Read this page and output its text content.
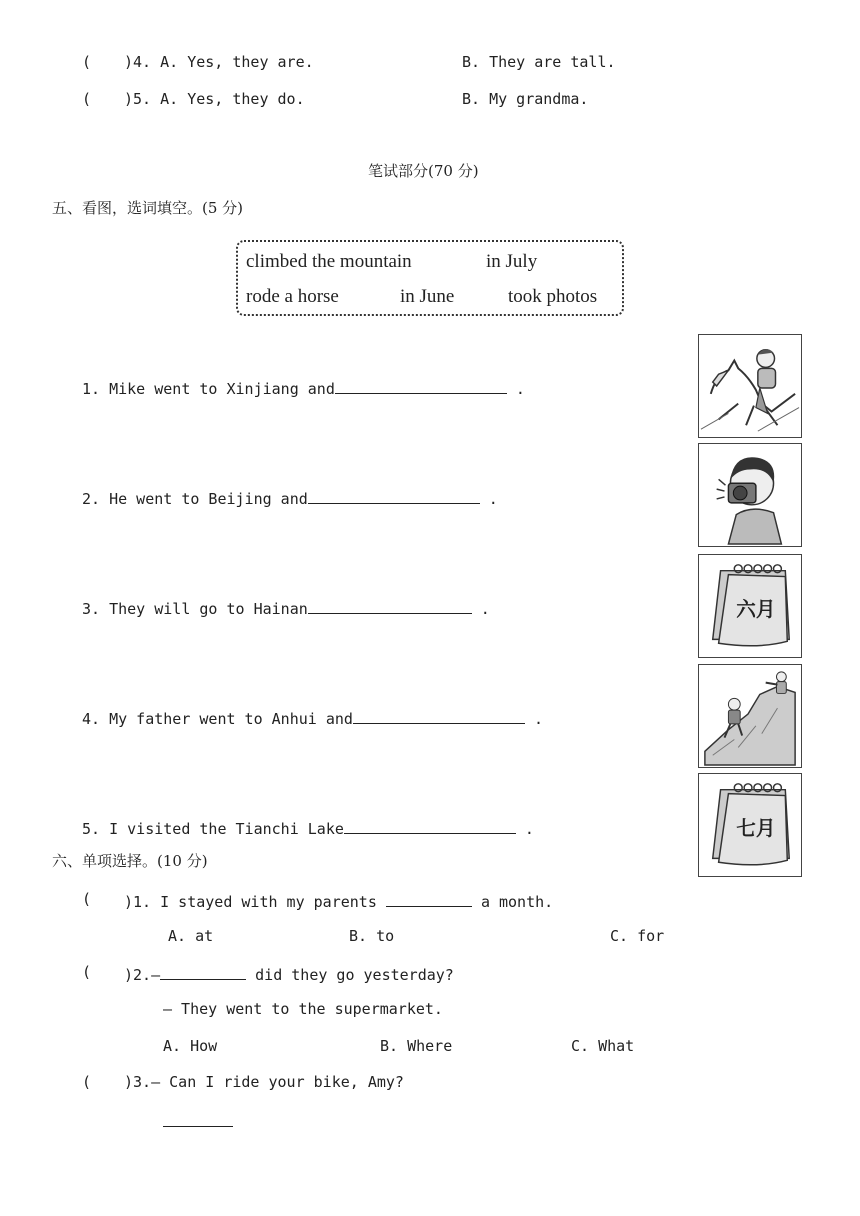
( )4. A. Yes, they are.	B. They are tall.
( )5. A. Yes, they do.	B. My grandma.
笔试部分(70 分)
五、看图，选词填空。(5 分)
climbed the mountain	in July
rode a horse	in June	took photos
1. Mike went to Xinjiang and	.
2. He went to Beijing and	.
3. They will go to Hainan	.
4. My father went to Anhui and	.
5. I visited the Tianchi Lake	.
六月
七月
六、单项选择。(10 分)
( )1. I stayed with my parents	a month.
A. at	B. to	C. for
( )2.—	did they go yesterday?
— They went to the supermarket.
A. How	B. Where	C. What
( )3.— Can I ride your bike, Amy?
